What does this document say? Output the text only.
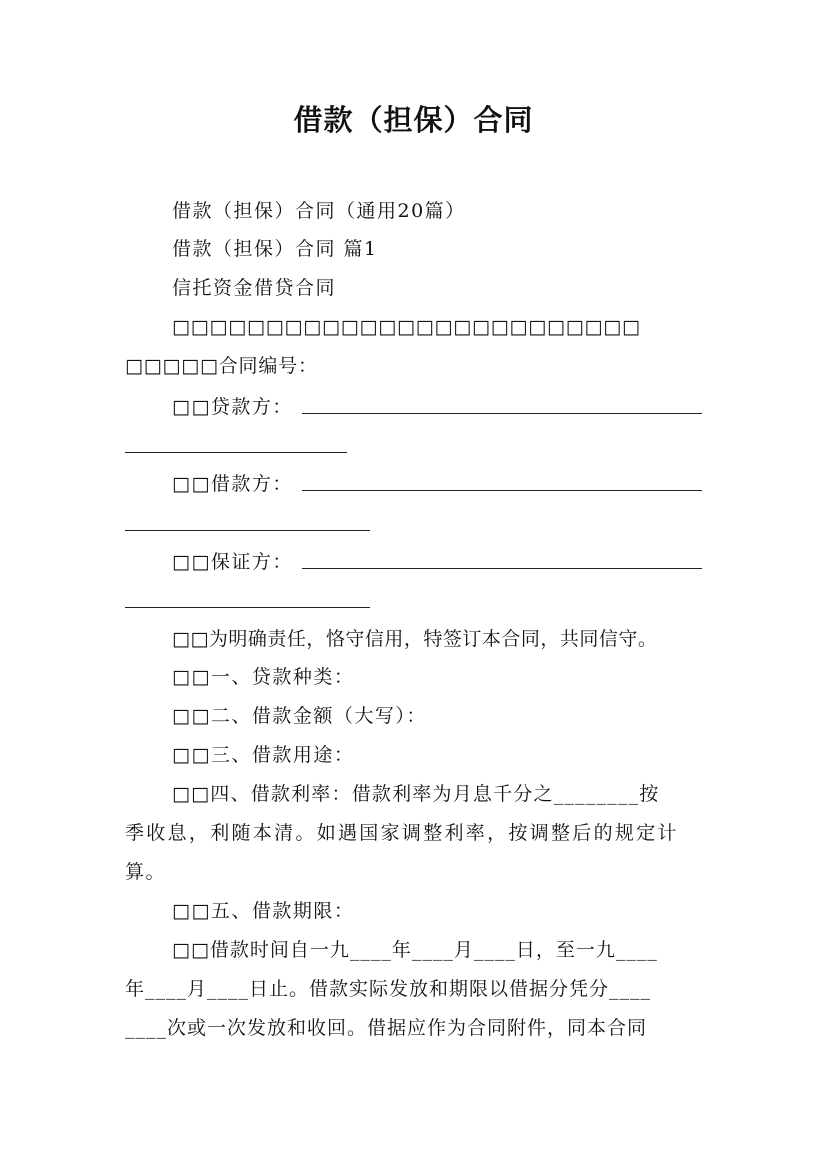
借款（担保）合同
借款（担保）合同（通用20篇）
借款（担保）合同 篇1
信托资金借贷合同
□□□□□□□□□□□□□□□□□□□□□□□□□
□□□□□合同编号：
□□贷款方：
□□借款方：
□□保证方：
□□为明确责任，恪守信用，特签订本合同，共同信守。
□□一、贷款种类：
□□二、借款金额（大写）：
□□三、借款用途：
□□四、借款利率：借款利率为月息千分之________按
季收息，利随本清。如遇国家调整利率，按调整后的规定计
算。
□□五、借款期限：
□□借款时间自一九____年____月____日，至一九____
年____月____日止。借款实际发放和期限以借据分凭分____
____次或一次发放和收回。借据应作为合同附件，同本合同
